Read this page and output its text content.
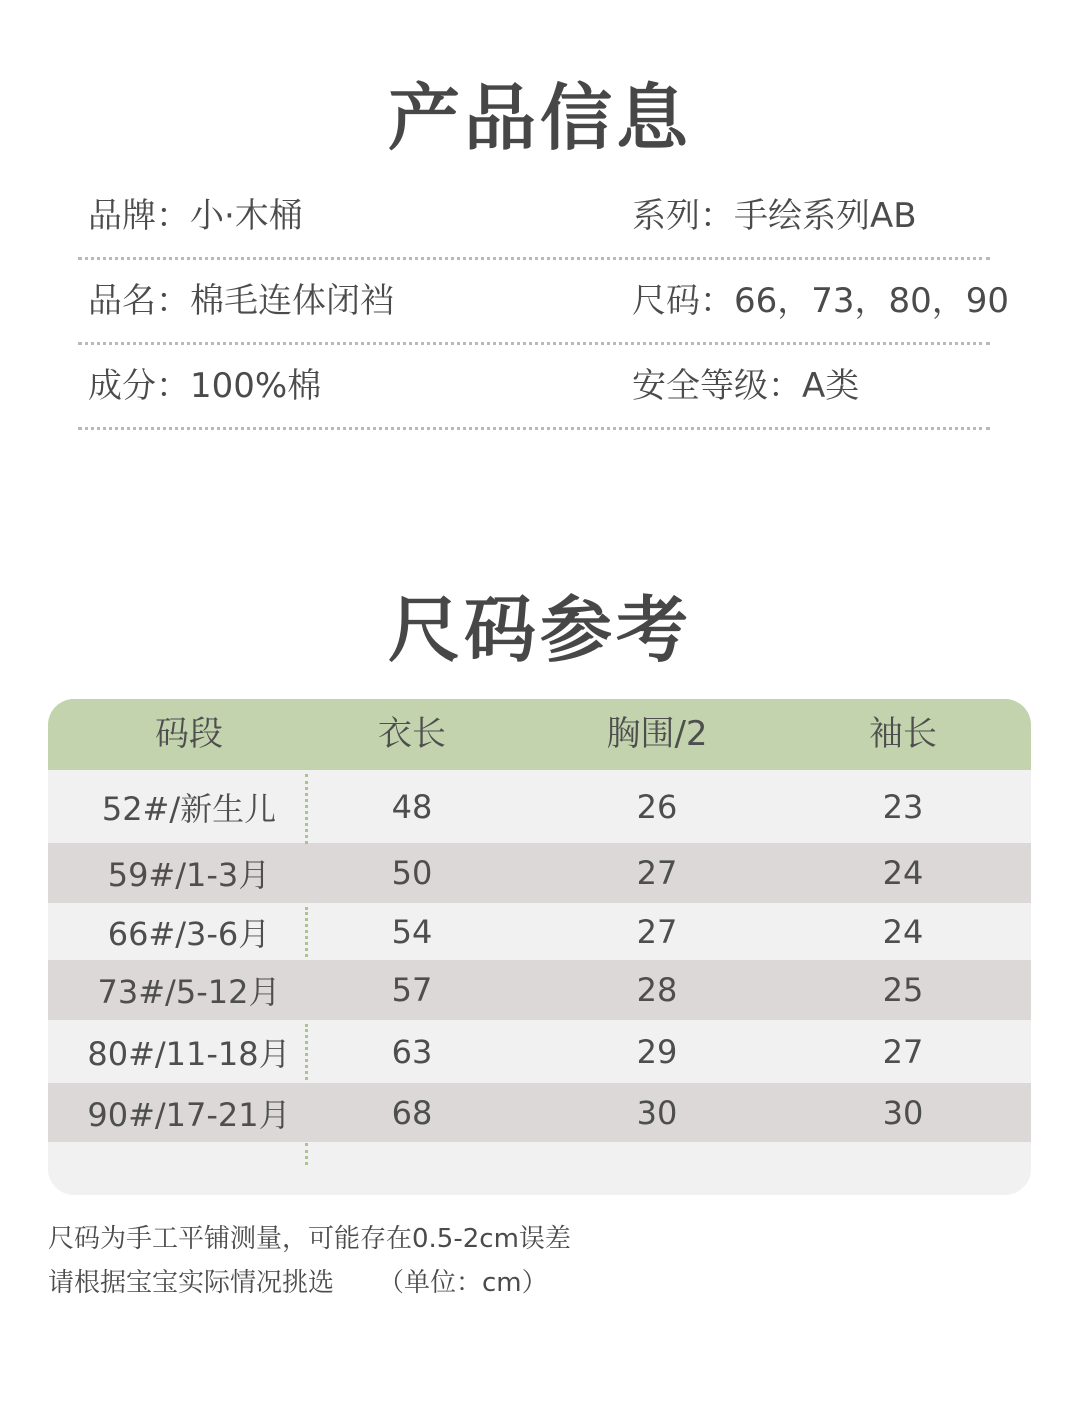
产品信息
品牌：小·木桶	系列：手绘系列AB
品名：棉毛连体闭裆	尺码：66，73，80，90
成分：100%棉	安全等级：A类
尺码参考
码段	衣长	胸围/2	袖长
52#/新生儿	48	26	23
59#/1-3月	50	27	24
66#/3-6月	54	27	24
73#/5-12月	57	28	25
80#/11-18月	63	29	27
90#/17-21月	68	30	30
尺码为手工平铺测量，可能存在0.5-2cm误差
请根据宝宝实际情况挑选 （单位：cm）
